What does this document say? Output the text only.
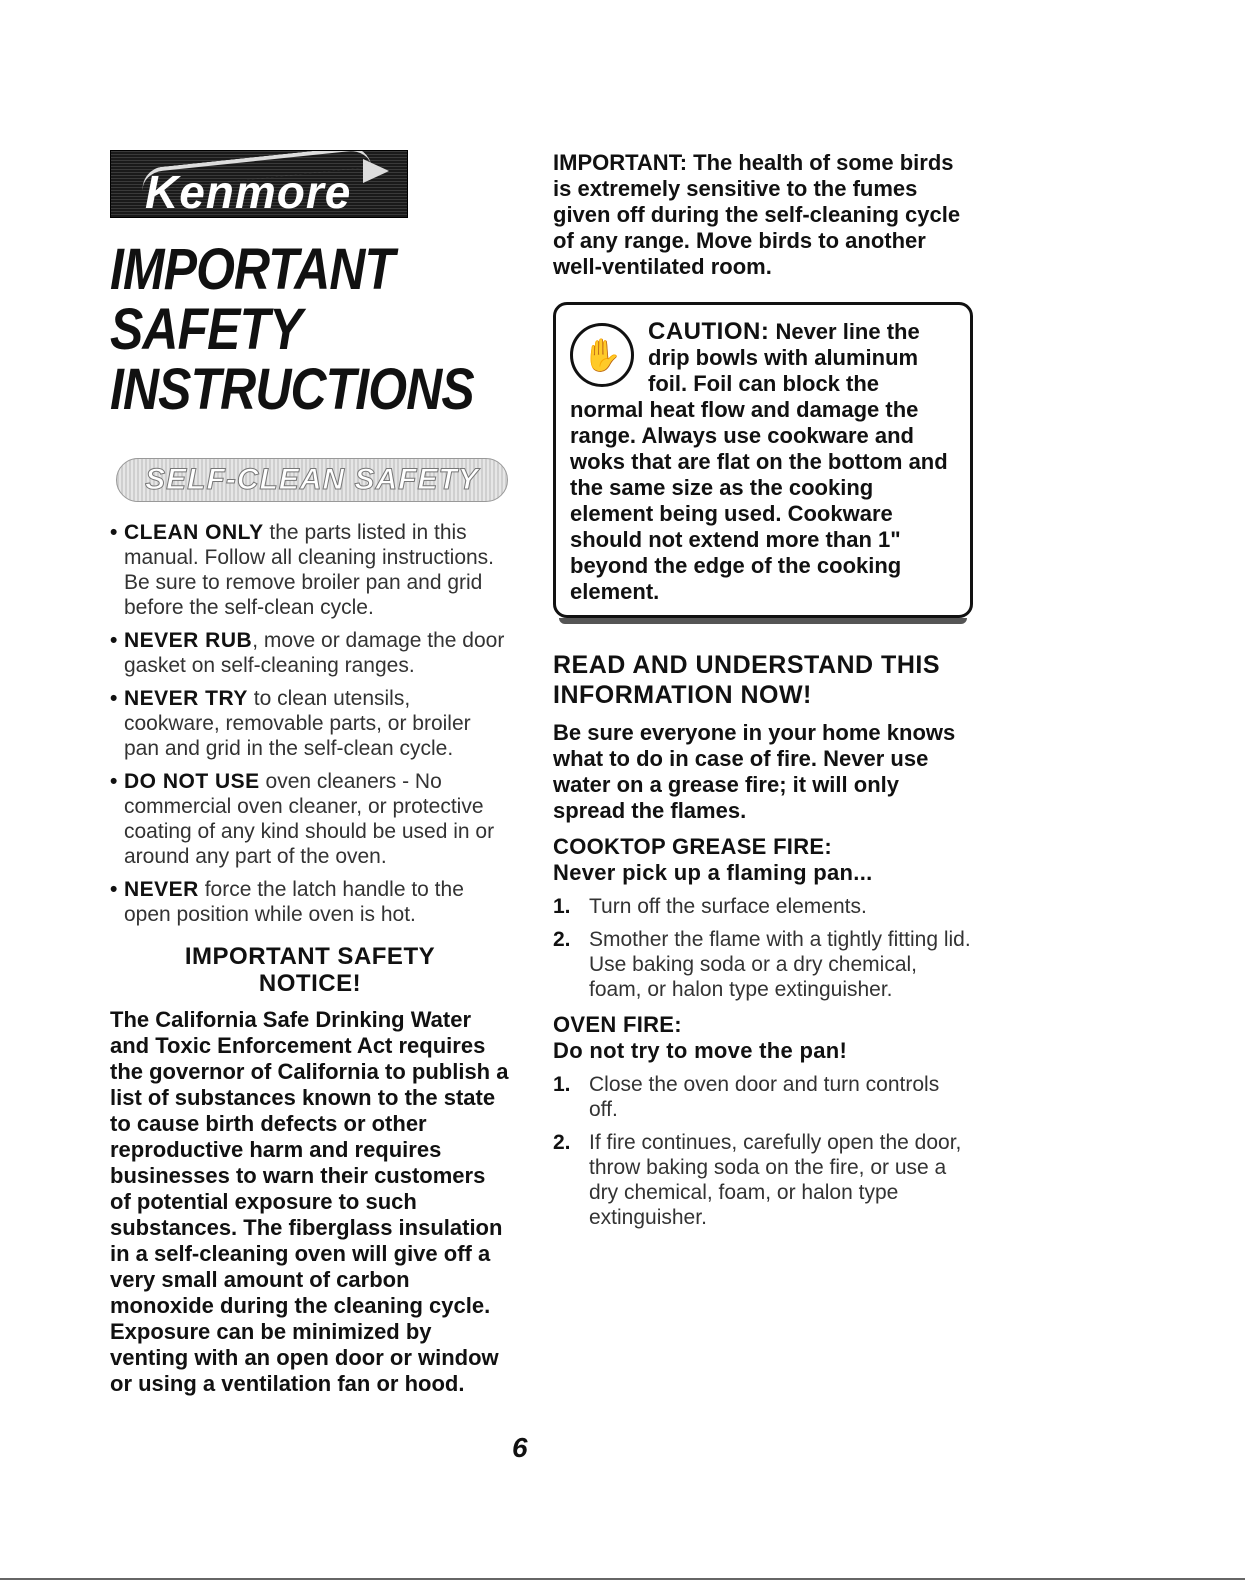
Kenmore
IMPORTANT SAFETY INSTRUCTIONS
SELF-CLEAN SAFETY
• CLEAN ONLY the parts listed in this manual. Follow all cleaning instructions. Be sure to remove broiler pan and grid before the self-clean cycle.
• NEVER RUB, move or damage the door gasket on self-cleaning ranges.
• NEVER TRY to clean utensils, cookware, removable parts, or broiler pan and grid in the self-clean cycle.
• DO NOT USE oven cleaners - No commercial oven cleaner, or protective coating of any kind should be used in or around any part of the oven.
• NEVER force the latch handle to the open position while oven is hot.
IMPORTANT SAFETY
NOTICE!

The California Safe Drinking Water and Toxic Enforcement Act requires the governor of California to publish a list of substances known to the state to cause birth defects or other reproductive harm and requires businesses to warn their customers of potential exposure to such substances. The fiberglass insulation in a self-cleaning oven will give off a very small amount of carbon monoxide during the cleaning cycle. Exposure can be minimized by venting with an open door or window or using a ventilation fan or hood.

IMPORTANT: The health of some birds is extremely sensitive to the fumes given off during the self-cleaning cycle of any range. Move birds to another well-ventilated room.

✋
CAUTION: Never line the drip bowls with aluminum foil. Foil can block the normal heat flow and damage the range. Always use cookware and woks that are flat on the bottom and the same size as the cooking element being used. Cookware should not extend more than 1" beyond the edge of the cooking element.
READ AND UNDERSTAND THIS INFORMATION NOW!

Be sure everyone in your home knows what to do in case of fire. Never use water on a grease fire; it will only spread the flames.

COOKTOP GREASE FIRE:
Never pick up a flaming pan...
1. Turn off the surface elements.
2. Smother the flame with a tightly fitting lid. Use baking soda or a dry chemical, foam, or halon type extinguisher.
OVEN FIRE:
Do not try to move the pan!
1. Close the oven door and turn controls off.
2. If fire continues, carefully open the door, throw baking soda on the fire, or use a dry chemical, foam, or halon type extinguisher.
6
